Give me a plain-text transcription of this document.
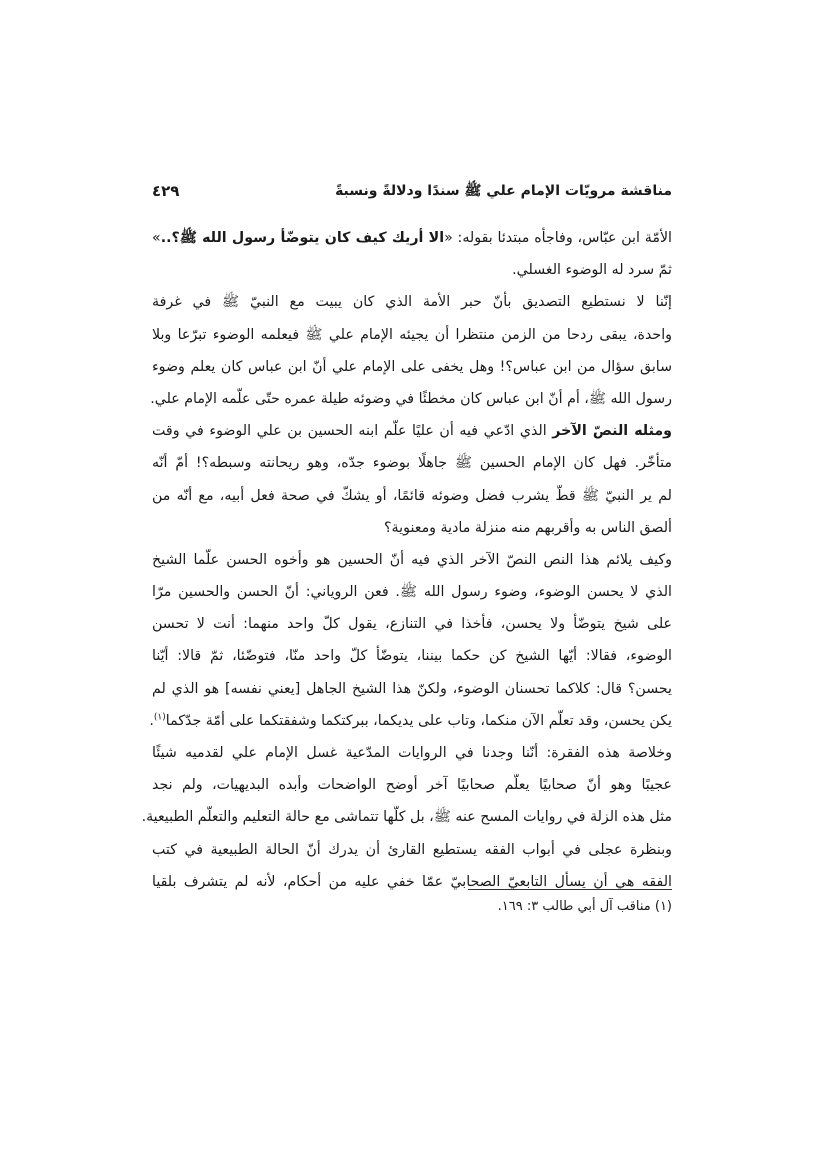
مناقشة مرويّات الإمام علي ﷺ سندًا ودلالةً ونسبةً
٤٢٩
الأمّة ابن عبّاس، وفاجأه مبتدئا بقوله: «الا أريك كيف كان يتوضّأ رسول الله ﷺ؟..»
ثمّ سرد له الوضوء الغسلي.
إنّنا لا نستطيع التصديق بأنّ حبر الأمة الذي كان يبيت مع النبيّ ﷺ في غرفة
واحدة، يبقى ردحا من الزمن منتظرا أن يجيئه الإمام علي ﷺ فيعلمه الوضوء تبرّعا وبلا
سابق سؤال من ابن عباس؟! وهل يخفى على الإمام علي أنّ ابن عباس كان يعلم وضوء
رسول الله ﷺ، أم أنّ ابن عباس كان مخطئًا في وضوئه طيلة عمره حتّى علّمه الإمام علي.
ومثله النصّ الآخر الذي ادّعي فيه أن عليًا علّم ابنه الحسين بن علي الوضوء في وقت
متأخّر. فهل كان الإمام الحسين ﷺ جاهلًا بوضوء جدّه، وهو ريحانته وسبطه؟! أمّ أنّه
لم ير النبيّ ﷺ قطّ يشرب فضل وضوئه قائمًا، أو يشكّ في صحة فعل أبيه، مع أنّه من
ألصق الناس به وأقربهم منه منزلة مادية ومعنوية؟
وكيف يلائم هذا النص النصّ الآخر الذي فيه أنّ الحسين هو وأخوه الحسن علّما الشيخ
الذي لا يحسن الوضوء، وضوء رسول الله ﷺ. فعن الروياني: أنّ الحسن والحسين مرّا
على شيخ يتوضّأ ولا يحسن، فأخذا في التنازع، يقول كلّ واحد منهما: أنت لا تحسن
الوضوء، فقالا: أيّها الشيخ كن حكما بيننا، يتوضّأ كلّ واحد منّا، فتوضّئا، ثمّ قالا: أيّنا
يحسن؟ قال: كلاكما تحسنان الوضوء، ولكنّ هذا الشيخ الجاهل [يعني نفسه] هو الذي لم
يكن يحسن، وقد تعلّم الآن منكما، وتاب على يديكما، ببركتكما وشفقتكما على أمّة جدّكما$^{(١)}$.
وخلاصة هذه الفقرة: أنّنا وجدنا في الروايات المدّعية غسل الإمام علي لقدميه شيئًا
عجيبًا وهو أنّ صحابيًا يعلّم صحابيًا آخر أوضح الواضحات وأبده البديهيات، ولم نجد
مثل هذه الزلة في روايات المسح عنه ﷺ، بل كلّها تتماشى مع حالة التعليم والتعلّم الطبيعية.
وبنظرة عجلى في أبواب الفقه يستطيع القارئ أن يدرك أنّ الحالة الطبيعية في كتب
الفقه هي أن يسأل التابعيّ الصحابيّ عمّا خفي عليه من أحكام، لأنه لم يتشرف بلقيا
(١) مناقب آل أبي طالب ٣: ١٦٩.
